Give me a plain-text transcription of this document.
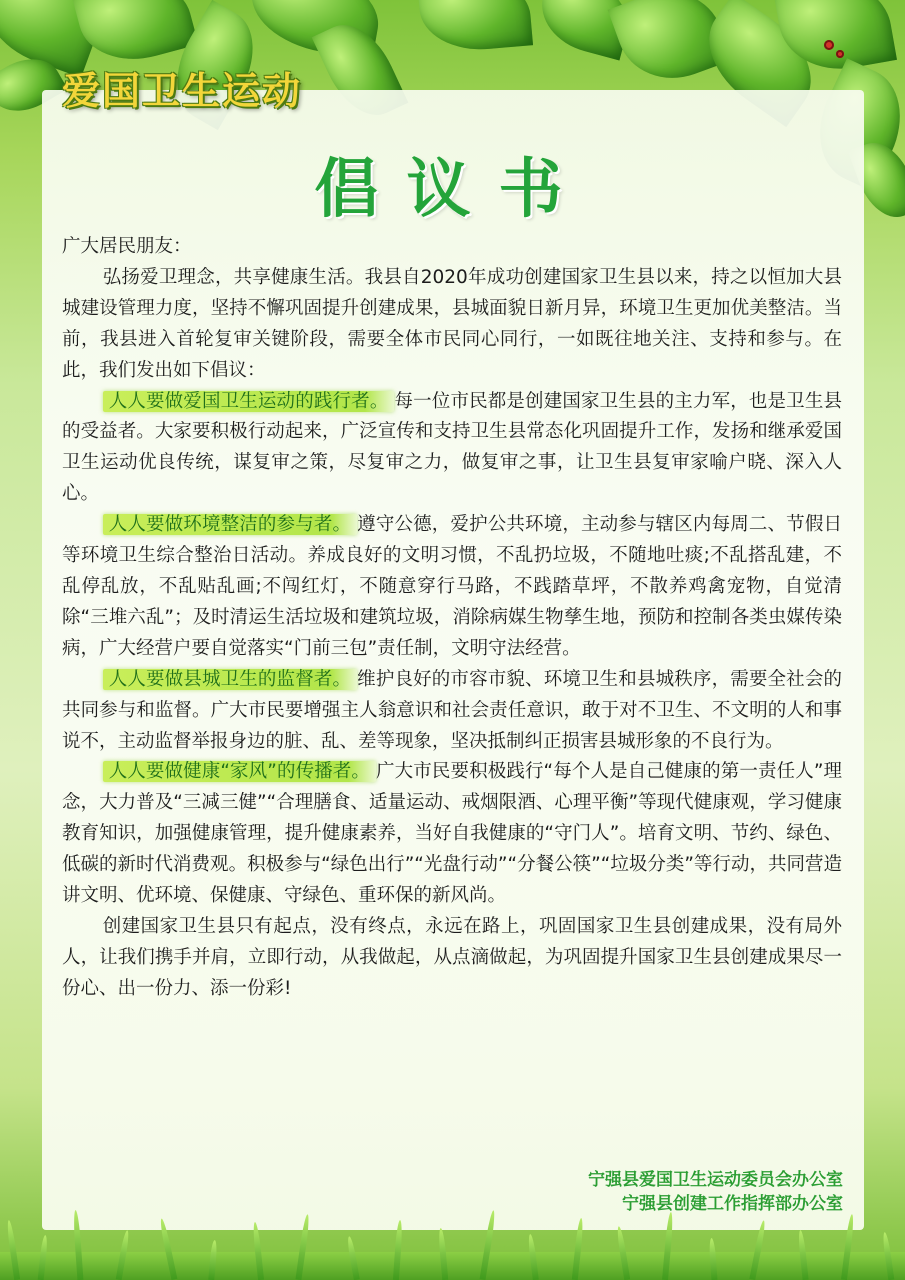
爱国卫生运动
倡议书

广大居民朋友：

弘扬爱卫理念，共享健康生活。我县自2020年成功创建国家卫生县以来，持之以恒加大县城建设管理力度，坚持不懈巩固提升创建成果，县城面貌日新月异，环境卫生更加优美整洁。当前，我县进入首轮复审关键阶段，需要全体市民同心同行，一如既往地关注、支持和参与。在此，我们发出如下倡议：

人人要做爱国卫生运动的践行者。 每一位市民都是创建国家卫生县的主力军，也是卫生县的受益者。大家要积极行动起来，广泛宣传和支持卫生县常态化巩固提升工作，发扬和继承爱国卫生运动优良传统，谋复审之策，尽复审之力，做复审之事，让卫生县复审家喻户晓、深入人心。

人人要做环境整洁的参与者。 遵守公德，爱护公共环境，主动参与辖区内每周二、节假日等环境卫生综合整治日活动。养成良好的文明习惯，不乱扔垃圾，不随地吐痰;不乱搭乱建，不乱停乱放，不乱贴乱画;不闯红灯，不随意穿行马路，不践踏草坪，不散养鸡禽宠物，自觉清除“三堆六乱”；及时清运生活垃圾和建筑垃圾，消除病媒生物孳生地，预防和控制各类虫媒传染病，广大经营户要自觉落实“门前三包”责任制，文明守法经营。

人人要做县城卫生的监督者。 维护良好的市容市貌、环境卫生和县城秩序，需要全社会的共同参与和监督。广大市民要增强主人翁意识和社会责任意识，敢于对不卫生、不文明的人和事说不，主动监督举报身边的脏、乱、差等现象，坚决抵制纠正损害县城形象的不良行为。

人人要做健康“家风”的传播者。 广大市民要积极践行“每个人是自己健康的第一责任人”理念，大力普及“三减三健”“合理膳食、适量运动、戒烟限酒、心理平衡”等现代健康观，学习健康教育知识，加强健康管理，提升健康素养，当好自我健康的“守门人”。培育文明、节约、绿色、低碳的新时代消费观。积极参与“绿色出行”“光盘行动”“分餐公筷”“垃圾分类”等行动，共同营造讲文明、优环境、保健康、守绿色、重环保的新风尚。

创建国家卫生县只有起点，没有终点，永远在路上，巩固国家卫生县创建成果，没有局外人，让我们携手并肩，立即行动，从我做起，从点滴做起，为巩固提升国家卫生县创建成果尽一份心、出一份力、添一份彩!

宁强县爱国卫生运动委员会办公室
宁强县创建工作指挥部办公室
